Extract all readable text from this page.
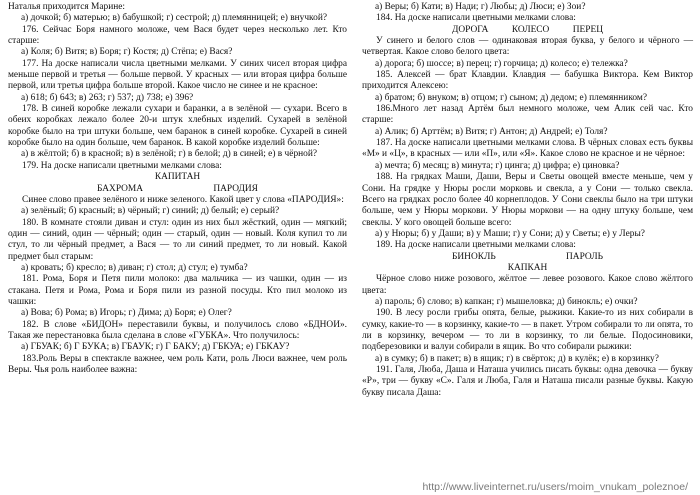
Наталья приходится Марине:

а) дочкой; б) матерью; в) бабушкой; г) сестрой; д) племянницей; е) внучкой?

176. Сейчас Боря намного моложе, чем Вася будет через несколько лет. Кто старше:

а) Коля; б) Витя; в) Боря; г) Костя; д) Стёпа; е) Вася?

177. На доске написали числа цветными мелками. У синих чисел вторая цифра меньше первой и третья — больше первой. У красных — или вторая цифра больше первой, или третья цифра больше второй. Какое число не синее и не красное:

а) 618; б) 643; в) 263; г) 537; д) 738; е) 396?

178. В синей коробке лежали сухари и баранки, а в зелёной — сухари. Всего в обеих коробках лежало более 20-и штук хлебных изделий. Сухарей в зелёной коробке было на три штуки больше, чем баранок в синей коробке. Сухарей в синей коробке было на один больше, чем баранок. В какой коробке изделий больше:

а) в жёлтой; б) в красной; в) в зелёной; г) в белой; д) в синей; е) в чёрной?

179. На доске написали цветными мелками слова:

КАПИТАН

БАХРОМА                              ПАРОДИЯ

Синее слово правее зелёного и ниже зеленого. Какой цвет у слова «ПАРОДИЯ»:

а) зелёный; б) красный; в) чёрный; г) синий; д) белый; е) серый?

180. В комнате стояли диван и стул: один из них был жёсткий, один — мягкий; один — синий, один — чёрный; один — старый, один — новый. Коля купил то ли стул, то ли чёрный предмет, а Вася — то ли синий предмет, то ли новый. Какой предмет был старым:

а) кровать; б) кресло; в) диван; г) стол; д) стул; е) тумба?

181. Рома, Боря и Петя пили молоко: два мальчика — из чашки, один — из стакана. Петя и Рома, Рома и Боря пили из разной посуды. Кто пил молоко из чашки:

а) Вова; б) Рома; в) Игорь; г) Дима; д) Боря; е) Олег?

182. В слове «БИДОН» переставили буквы, и получилось слово «БДНОИ». Такая же перестановка была сделана в слове «ГУБКА». Что получилось:

а) ГБУАК; б) Г БУКА; в) ГБАУК; г) Г БАКУ; д) ГБКУА; е) ГБКАУ?

183.Роль Веры в спектакле важнее, чем роль Кати, роль Люси важнее, чем роль Веры. Чья роль наиболее важна:

а) Веры; б) Кати; в) Нади; г) Любы; д) Люси; е) Зои?

184. На доске написали цветными мелками слова:

ДОРОГА          КОЛЕСО          ПЕРЕЦ

У синего и белого слов — одинаковая вторая буква, у белого и чёрного — четвертая. Какое слово белого цвета:

а) дорога; б) шоссе; в) перец; г) горчица; д) колесо; е) тележка?

185. Алексей — брат Клавдии. Клавдия — бабушка Виктора. Кем Виктор приходится Алексею:

а) братом; б) внуком; в) отцом; г) сыном; д) дедом; е) племянником?

186.Много лет назад Артём был немного моложе, чем Алик сей час. Кто старше:

а) Алик; б) Арттём; в) Витя; г) Антон; д) Андрей; е) Толя?

187. На доске написали цветными мелками слова. В чёрных словах есть буквы «М» и «Ц», в красных — или «П», или «Я». Какое слово не красное и не чёрное:

а) мечта; б) месяц; в) минута; г) цинга; д) цифра; е) циновка?

188. На грядках Маши, Даши, Веры и Светы овощей вместе меньше, чем у Сони. На грядке у Нюры росли морковь и свекла, а у Сони — только свекла. Всего на грядках росло более 40 корнеплодов. У Сони свеклы было на три штуки больше, чем у Нюры моркови. У Нюры моркови — на одну штуку больше, чем свеклы. У кого овощей больше всего:

а) у Нюры; б) у Даши; в) у Маши; г) у Сони; д) у Светы; е) у Леры?

189. На доске написали цветными мелками слова:

БИНОКЛЬ                              ПАРОЛЬ

КАПКАН

Чёрное слово ниже розового, жёлтое — левее розового. Какое слово жёлтого цвета:

а) пароль; б) слово; в) капкан; г) мышеловка; д) бинокль; е) очки?

190. В лесу росли грибы опята, белые, рыжики. Какие-то из них собирали в сумку, какие-то — в корзинку, какие-то — в пакет. Утром собирали то ли опята, то ли в корзинку, вечером — то ли в корзинку, то ли белые. Подосиновики, подберезовики и валуи собирали в ящик. Во что собирали рыжики:

а) в сумку; б) в пакет; в) в ящик; г) в свёрток; д) в кулёк; е) в корзинку?

191. Галя, Люба, Даша и Наташа учились писать буквы: одна девочка — букву «Р», три — букву «С». Галя и Люба, Галя и Наташа писали разные буквы. Какую букву писала Даша:

http://www.liveinternet.ru/users/moim_vnukam_poleznoe/
